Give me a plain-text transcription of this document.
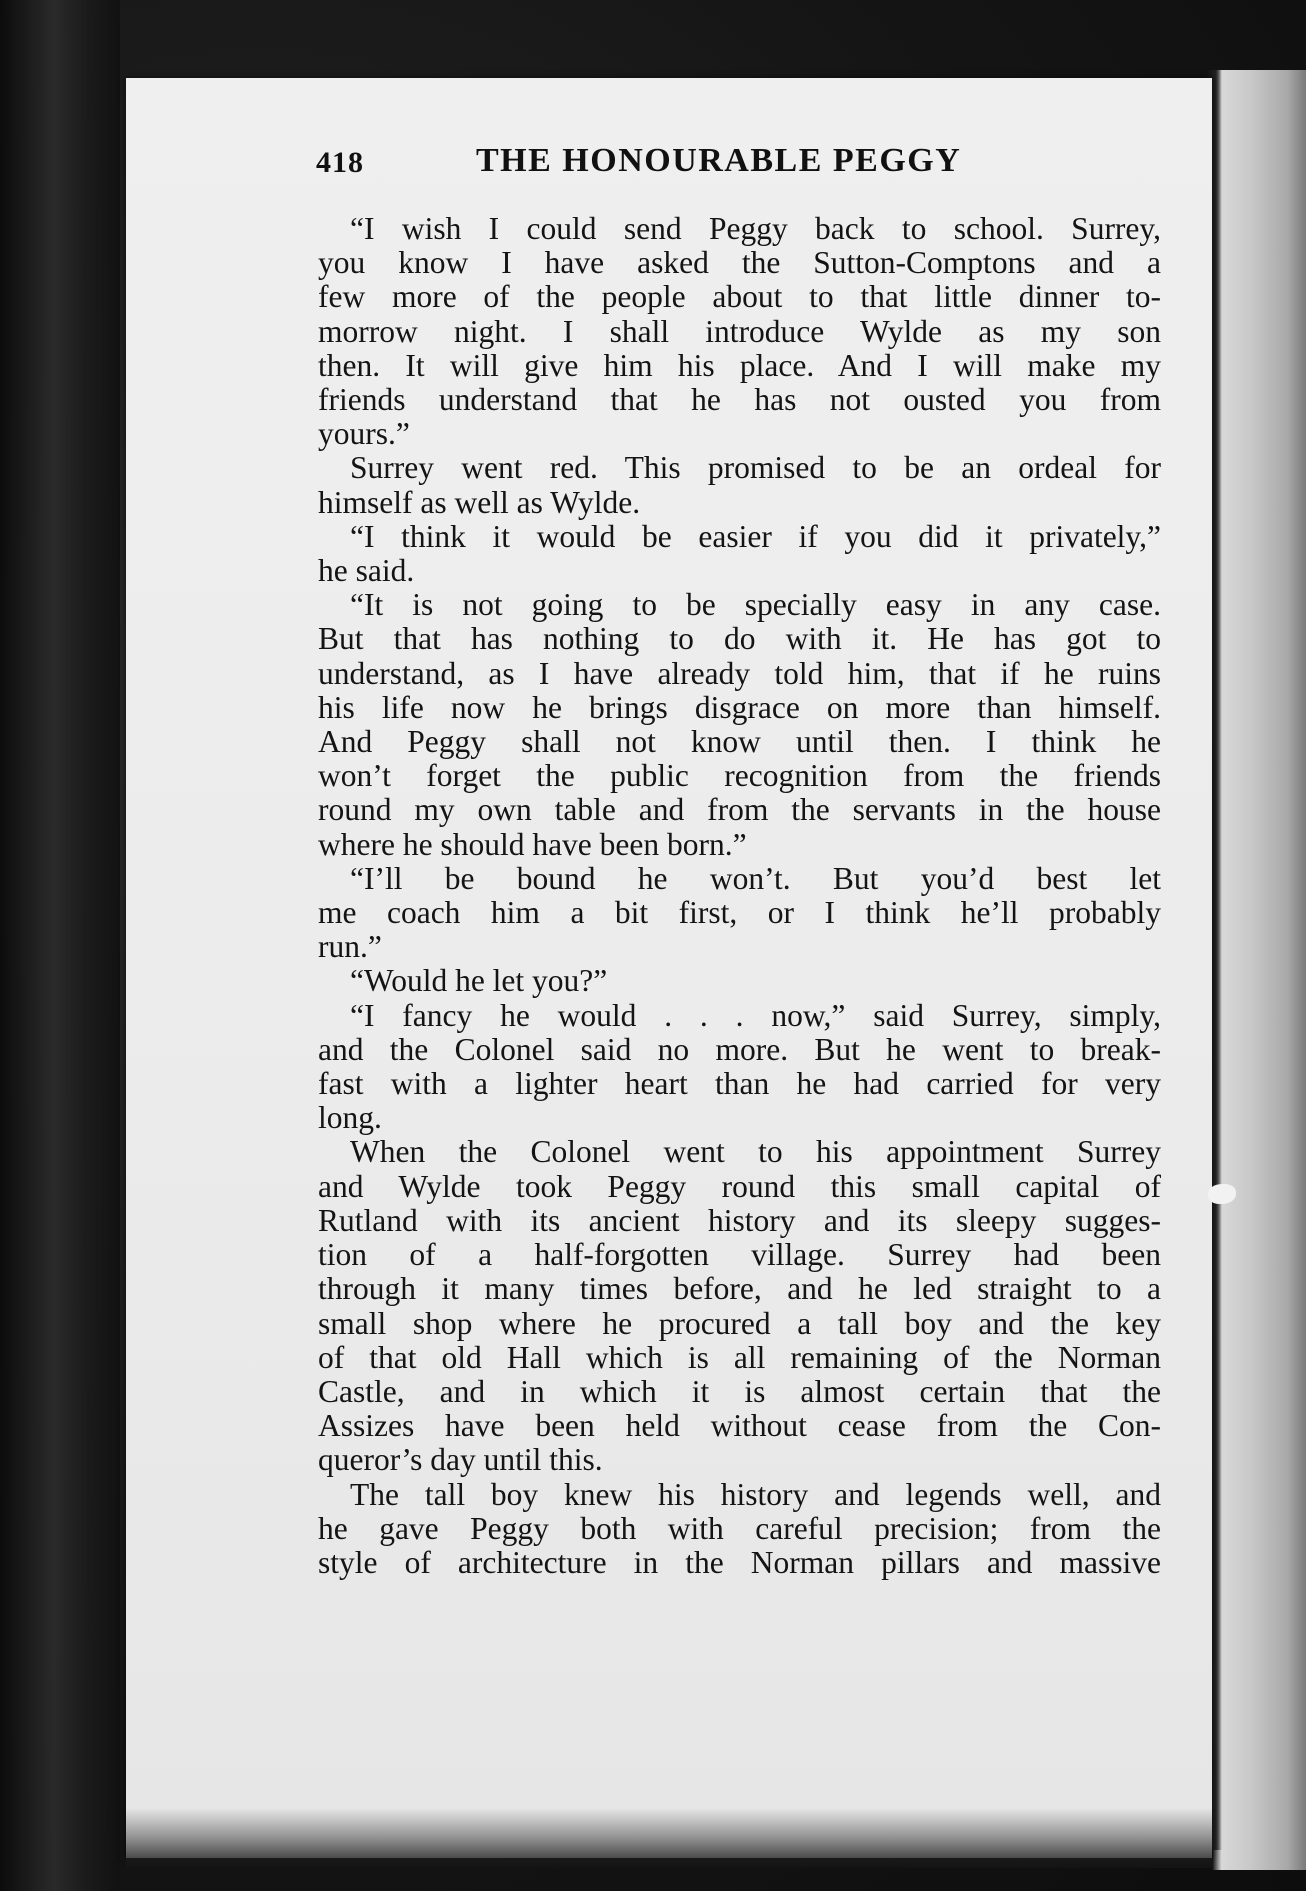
418	THE HONOURABLE PEGGY
“I wish I could send Peggy back to school. Surrey,
you know I have asked the Sutton-Comptons and a
few more of the people about to that little dinner to-
morrow night. I shall introduce Wylde as my son
then. It will give him his place. And I will make my
friends understand that he has not ousted you from
yours.”
Surrey went red. This promised to be an ordeal for
himself as well as Wylde.
“I think it would be easier if you did it privately,”
he said.
“It is not going to be specially easy in any case.
But that has nothing to do with it. He has got to
understand, as I have already told him, that if he ruins
his life now he brings disgrace on more than himself.
And Peggy shall not know until then. I think he
won’t forget the public recognition from the friends
round my own table and from the servants in the house
where he should have been born.”
“I’ll be bound he won’t. But you’d best let
me coach him a bit first, or I think he’ll probably
run.”
“Would he let you?”
“I fancy he would . . . now,” said Surrey, simply,
and the Colonel said no more. But he went to break-
fast with a lighter heart than he had carried for very
long.
When the Colonel went to his appointment Surrey
and Wylde took Peggy round this small capital of
Rutland with its ancient history and its sleepy sugges-
tion of a half-forgotten village. Surrey had been
through it many times before, and he led straight to a
small shop where he procured a tall boy and the key
of that old Hall which is all remaining of the Norman
Castle, and in which it is almost certain that the
Assizes have been held without cease from the Con-
queror’s day until this.
The tall boy knew his history and legends well, and
he gave Peggy both with careful precision; from the
style of architecture in the Norman pillars and massive
